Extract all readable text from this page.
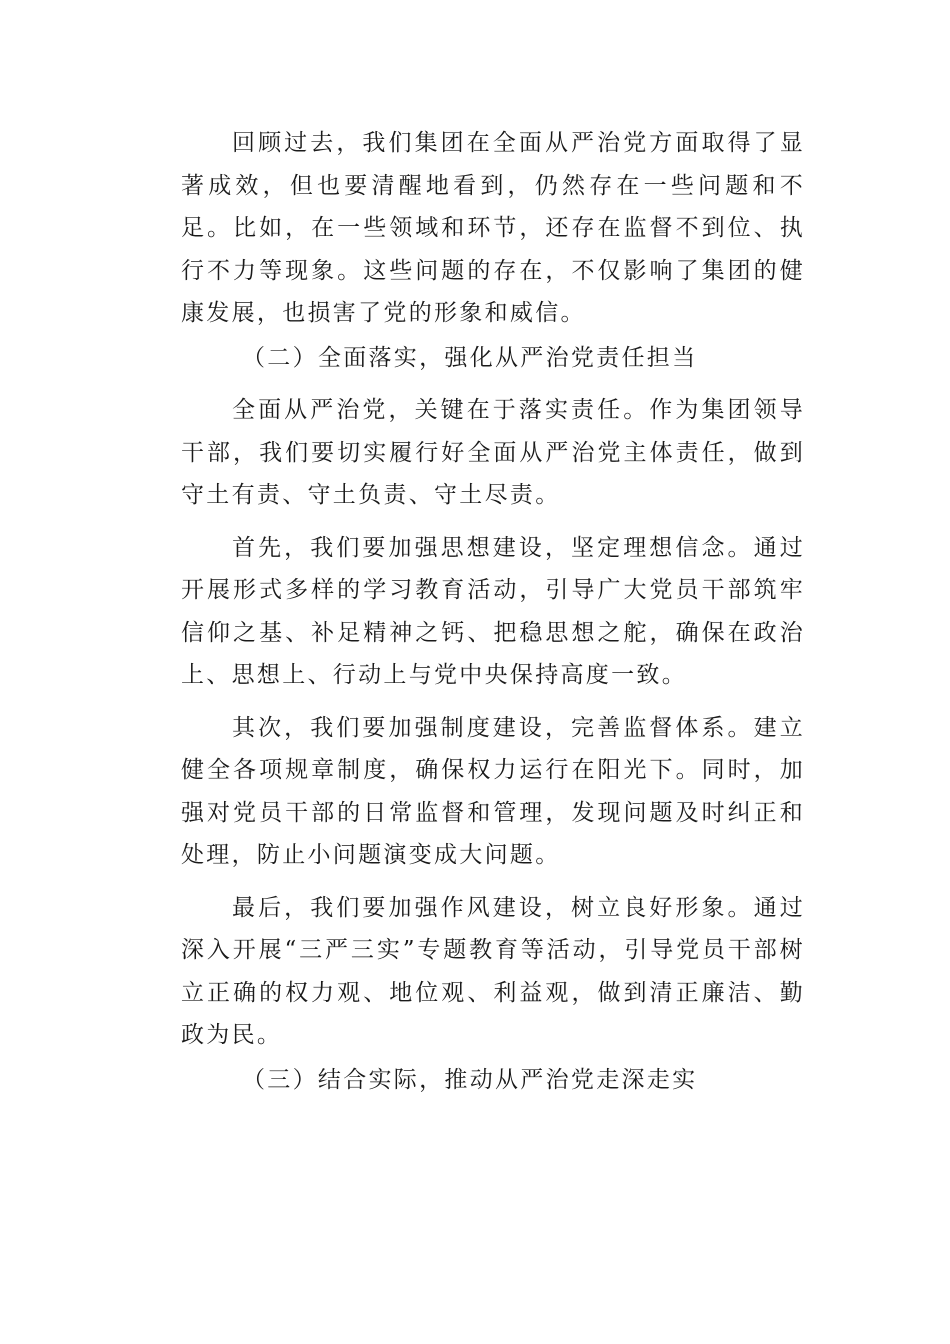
回顾过去，我们集团在全面从严治党方面取得了显著成效，但也要清醒地看到，仍然存在一些问题和不足。比如，在一些领域和环节，还存在监督不到位、执行不力等现象。这些问题的存在，不仅影响了集团的健康发展，也损害了党的形象和威信。

（二）全面落实，强化从严治党责任担当

全面从严治党，关键在于落实责任。作为集团领导干部，我们要切实履行好全面从严治党主体责任，做到守土有责、守土负责、守土尽责。

首先，我们要加强思想建设，坚定理想信念。通过开展形式多样的学习教育活动，引导广大党员干部筑牢信仰之基、补足精神之钙、把稳思想之舵，确保在政治上、思想上、行动上与党中央保持高度一致。

其次，我们要加强制度建设，完善监督体系。建立健全各项规章制度，确保权力运行在阳光下。同时，加强对党员干部的日常监督和管理，发现问题及时纠正和处理，防止小问题演变成大问题。

最后，我们要加强作风建设，树立良好形象。通过深入开展“三严三实”专题教育等活动，引导党员干部树立正确的权力观、地位观、利益观，做到清正廉洁、勤政为民。

（三）结合实际，推动从严治党走深走实
